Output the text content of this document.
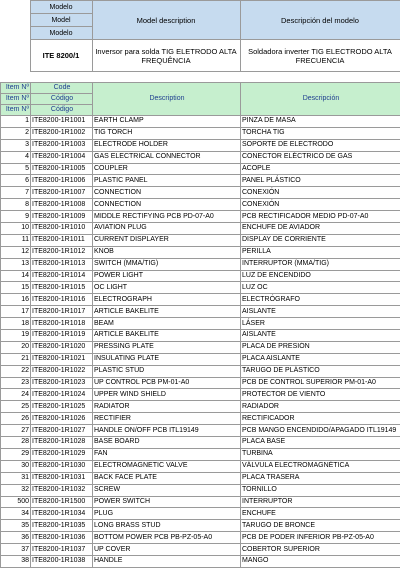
	Modelo	Model description	Descripción del modelo
	Model		
	Modelo		
	ITE 8200/1	Inversor para solda TIG ELETRODO ALTA FREQUÊNCIA	Soldadora inverter TIG ELECTRODO ALTA FRECUENCIA
Item Nº	Code	Description	Descripción
Item Nº	Código		
Item Nº	Código		
1	ITE8200-1R1001	EARTH CLAMP	PINZA DE MASA
2	ITE8200-1R1002	TIG TORCH	TORCHA TIG
3	ITE8200-1R1003	ELECTRODE HOLDER	SOPORTE DE ELECTRODO
4	ITE8200-1R1004	GAS ELECTRICAL CONNECTOR	CONECTOR ELÉCTRICO DE GAS
5	ITE8200-1R1005	COUPLER	ACOPLE
6	ITE8200-1R1006	PLASTIC PANEL	PANEL PLÁSTICO
7	ITE8200-1R1007	CONNECTION	CONEXIÓN
8	ITE8200-1R1008	CONNECTION	CONEXIÓN
9	ITE8200-1R1009	MIDDLE RECTIFYING PCB PD-07-A0	PCB RECTIFICADOR MEDIO PD-07-A0
10	ITE8200-1R1010	AVIATION PLUG	ENCHUFE DE AVIADOR
11	ITE8200-1R1011	CURRENT DISPLAYER	DISPLAY DE CORRIENTE
12	ITE8200-1R1012	KNOB	PERILLA
13	ITE8200-1R1013	SWITCH (MMA/TIG)	INTERRUPTOR (MMA/TIG)
14	ITE8200-1R1014	POWER LIGHT	LUZ DE ENCENDIDO
15	ITE8200-1R1015	OC LIGHT	LUZ OC
16	ITE8200-1R1016	ELECTROGRAPH	ELECTRÓGRAFO
17	ITE8200-1R1017	ARTICLE BAKELITE	AISLANTE
18	ITE8200-1R1018	BEAM	LÁSER
19	ITE8200-1R1019	ARTICLE BAKELITE	AISLANTE
20	ITE8200-1R1020	PRESSING PLATE	PLACA DE PRESIÓN
21	ITE8200-1R1021	INSULATING PLATE	PLACA AISLANTE
22	ITE8200-1R1022	PLASTIC STUD	TARUGO DE PLÁSTICO
23	ITE8200-1R1023	UP CONTROL PCB PM-01-A0	PCB DE CONTROL SUPERIOR PM-01-A0
24	ITE8200-1R1024	UPPER WIND SHIELD	PROTECTOR DE VIENTO
25	ITE8200-1R1025	RADIATOR	RADIADOR
26	ITE8200-1R1026	RECTIFIER	RECTIFICADOR
27	ITE8200-1R1027	HANDLE ON/OFF PCB ITL19149	PCB MANGO ENCENDIDO/APAGADO ITL19149
28	ITE8200-1R1028	BASE BOARD	PLACA BASE
29	ITE8200-1R1029	FAN	TURBINA
30	ITE8200-1R1030	ELECTROMAGNETIC VALVE	VÁLVULA ELECTROMAGNÉTICA
31	ITE8200-1R1031	BACK FACE PLATE	PLACA TRASERA
32	ITE8200-1R1032	SCREW	TORNILLO
500	ITE8200-1R1500	POWER SWITCH	INTERRUPTOR
34	ITE8200-1R1034	PLUG	ENCHUFE
35	ITE8200-1R1035	LONG BRASS STUD	TARUGO DE BRONCE
36	ITE8200-1R1036	BOTTOM POWER PCB PB-PZ-05-A0	PCB DE PODER INFERIOR PB-PZ-05-A0
37	ITE8200-1R1037	UP COVER	COBERTOR SUPERIOR
38	ITE8200-1R1038	HANDLE	MANGO
